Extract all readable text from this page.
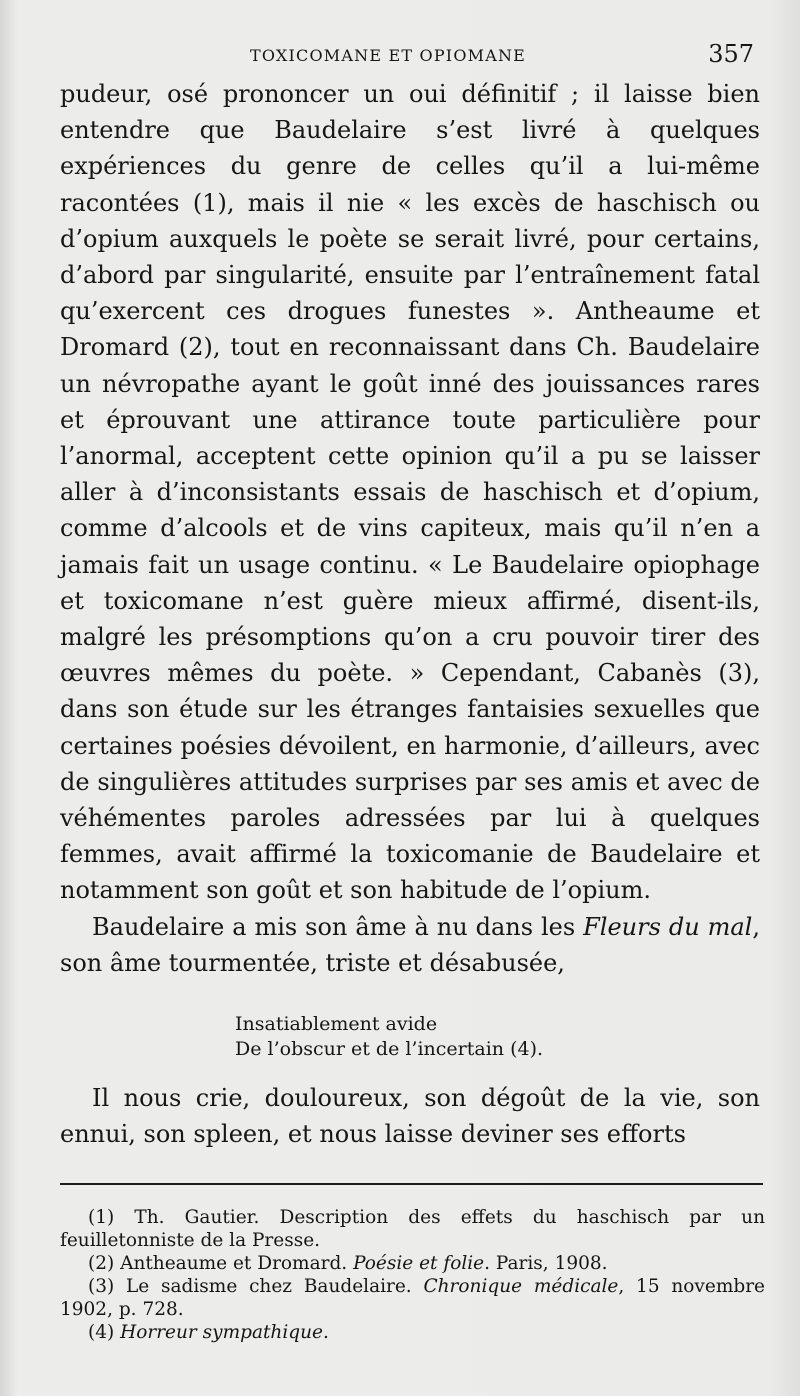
TOXICOMANE ET OPIOMANE	357

pudeur, osé prononcer un oui définitif ; il laisse bien entendre que Baudelaire s’est livré à quelques expériences du genre de celles qu’il a lui-même racontées (1), mais il nie « les excès de haschisch ou d’opium auxquels le poète se serait livré, pour certains, d’abord par singularité, ensuite par l’entraînement fatal qu’exercent ces drogues funestes ». Antheaume et Dromard (2), tout en reconnaissant dans Ch. Baudelaire un névropathe ayant le goût inné des jouissances rares et éprouvant une attirance toute particulière pour l’anormal, acceptent cette opinion qu’il a pu se laisser aller à d’inconsistants essais de haschisch et d’opium, comme d’alcools et de vins capiteux, mais qu’il n’en a jamais fait un usage continu. « Le Baudelaire opiophage et toxicomane n’est guère mieux affirmé, disent-ils, malgré les présomptions qu’on a cru pouvoir tirer des œuvres mêmes du poète. » Cependant, Cabanès (3), dans son étude sur les étranges fantaisies sexuelles que certaines poésies dévoilent, en harmonie, d’ailleurs, avec de singulières attitudes surprises par ses amis et avec de véhémentes paroles adressées par lui à quelques femmes, avait affirmé la toxicomanie de Baudelaire et notamment son goût et son habitude de l’opium.

Baudelaire a mis son âme à nu dans les Fleurs du mal, son âme tourmentée, triste et désabusée,

Insatiablement avide
De l’obscur et de l’incertain (4).

Il nous crie, douloureux, son dégoût de la vie, son ennui, son spleen, et nous laisse deviner ses efforts

(1) Th. Gautier. Description des effets du haschisch par un feuilletonniste de la Presse.
(2) Antheaume et Dromard. Poésie et folie. Paris, 1908.
(3) Le sadisme chez Baudelaire. Chronique médicale, 15 novembre 1902, p. 728.
(4) Horreur sympathique.
